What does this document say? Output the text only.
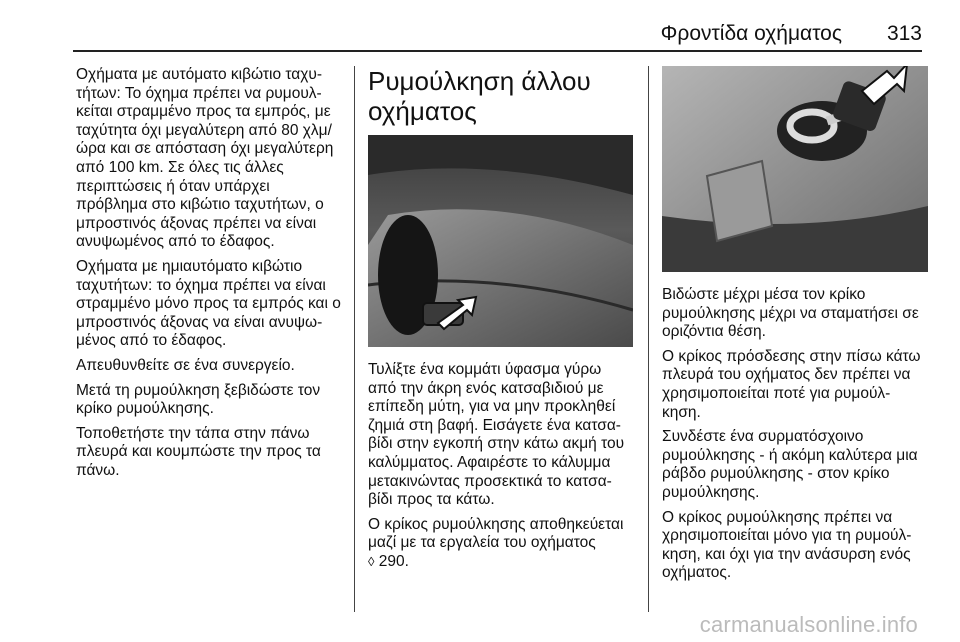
Φροντίδα οχήματος 313

Οχήματα με αυτόματο κιβώτιο ταχυ‐τήτων: Το όχημα πρέπει να ρυμουλ‐κείται στραμμένο προς τα εμπρός, με ταχύτητα όχι μεγαλύτερη από 80 χλμ/ώρα και σε απόσταση όχι μεγαλύτερη από 100 km. Σε όλες τις άλλες περιπτώσεις ή όταν υπάρχει πρόβλημα στο κιβώτιο ταχυτήτων, ο μπροστινός άξονας πρέπει να είναι ανυψωμένος από το έδαφος.

Οχήματα με ημιαυτόματο κιβώτιο ταχυτήτων: το όχημα πρέπει να είναι στραμμένο μόνο προς τα εμπρός και ο μπροστινός άξονας να είναι ανυψω‐μένος από το έδαφος.

Απευθυνθείτε σε ένα συνεργείο.

Μετά τη ρυμούλκηση ξεβιδώστε τον κρίκο ρυμούλκησης.

Τοποθετήστε την τάπα στην πάνω πλευρά και κουμπώστε την προς τα πάνω.

Ρυμούλκηση άλλου οχήματος

Τυλίξτε ένα κομμάτι ύφασμα γύρω από την άκρη ενός κατσαβιδιού με επίπεδη μύτη, για να μην προκληθεί ζημιά στη βαφή. Εισάγετε ένα κατσα‐βίδι στην εγκοπή στην κάτω ακμή του καλύμματος. Αφαιρέστε το κάλυμμα μετακινώντας προσεκτικά το κατσα‐βίδι προς τα κάτω.

Ο κρίκος ρυμούλκησης αποθηκεύεται μαζί με τα εργαλεία του οχήματος
◊ 290.

Βιδώστε μέχρι μέσα τον κρίκο ρυμούλκησης μέχρι να σταματήσει σε οριζόντια θέση.

Ο κρίκος πρόσδεσης στην πίσω κάτω πλευρά του οχήματος δεν πρέπει να χρησιμοποιείται ποτέ για ρυμούλ‐κηση.

Συνδέστε ένα συρματόσχοινο ρυμούλκησης - ή ακόμη καλύτερα μια ράβδο ρυμούλκησης - στον κρίκο ρυμούλκησης.

Ο κρίκος ρυμούλκησης πρέπει να χρησιμοποιείται μόνο για τη ρυμούλ‐κηση, και όχι για την ανάσυρση ενός οχήματος.

carmanualsonline.info
